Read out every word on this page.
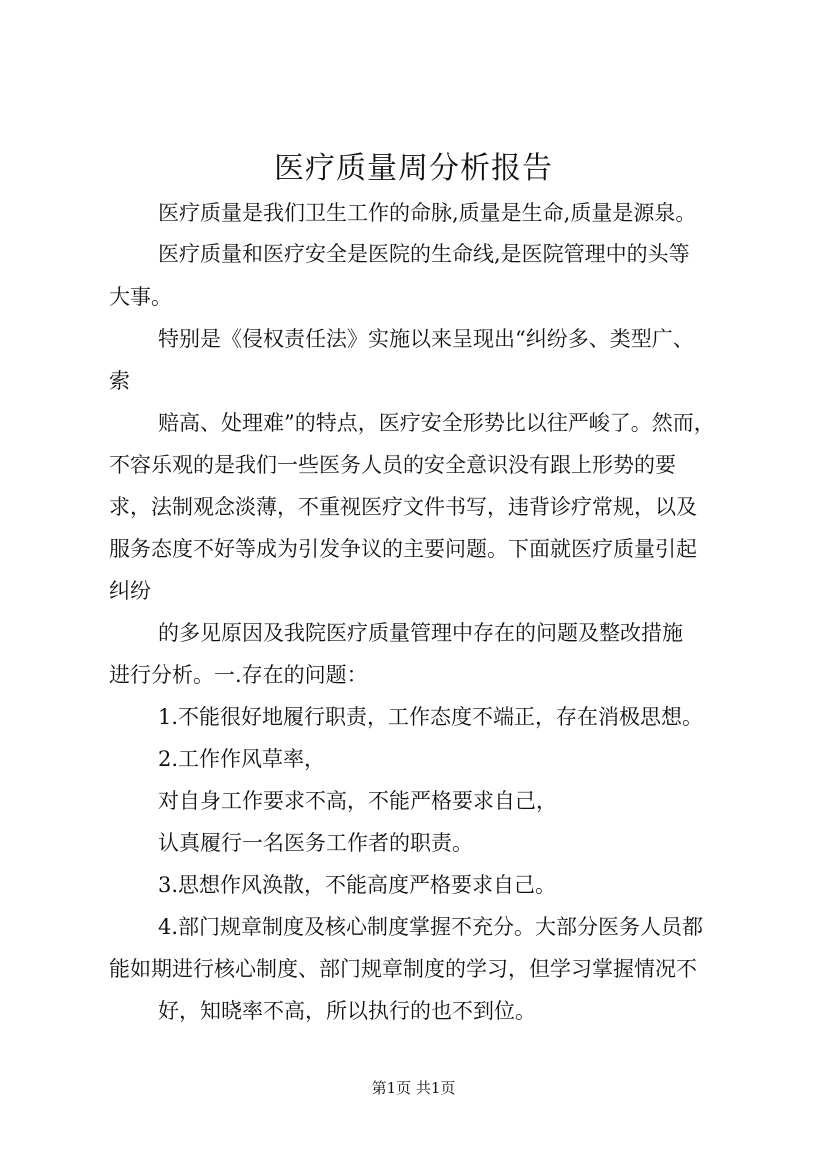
医疗质量周分析报告
医疗质量是我们卫生工作的命脉,质量是生命,质量是源泉。
医疗质量和医疗安全是医院的生命线,是医院管理中的头等
大事。
特别是《侵权责任法》实施以来呈现出“纠纷多、类型广、
索
赔高、处理难”的特点，医疗安全形势比以往严峻了。然而，
不容乐观的是我们一些医务人员的安全意识没有跟上形势的要
求，法制观念淡薄，不重视医疗文件书写，违背诊疗常规，以及
服务态度不好等成为引发争议的主要问题。下面就医疗质量引起
纠纷
的多见原因及我院医疗质量管理中存在的问题及整改措施
进行分析。一.存在的问题：
1.不能很好地履行职责，工作态度不端正，存在消极思想。
2.工作作风草率，
对自身工作要求不高，不能严格要求自己，
认真履行一名医务工作者的职责。
3.思想作风涣散，不能高度严格要求自己。
4.部门规章制度及核心制度掌握不充分。大部分医务人员都
能如期进行核心制度、部门规章制度的学习，但学习掌握情况不
好，知晓率不高，所以执行的也不到位。
第1页 共1页
